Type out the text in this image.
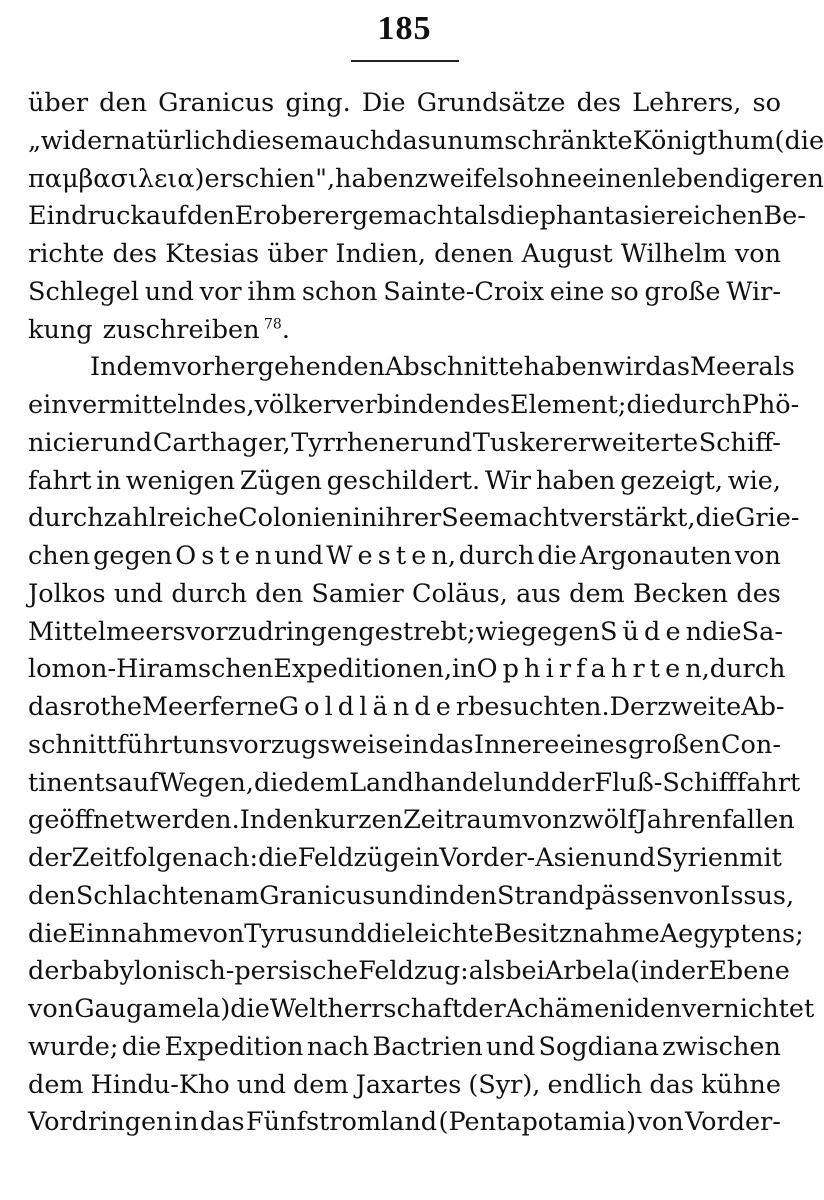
185
über den Granicus ging. Die Grundsätze des Lehrers, so
„widernatürlich diesem auch das unumschränkte Königthum (die
παμβασιλεια) erschien", haben zweifelsohne einen lebendigeren
Eindruck auf den Eroberer gemacht als die phantasiereichen Be-
richte des Ktesias über Indien, denen August Wilhelm von
Schlegel und vor ihm schon Sainte-Croix eine so große Wir-
kung zuschreiben $^{78}$.
In dem vorhergehenden Abschnitte haben wir das Meer als
ein vermittelndes, völkerverbindendes Element; die durch Phö-
nicier und Carthager, Tyrrhener und Tusker erweiterte Schiff-
fahrt in wenigen Zügen geschildert. Wir haben gezeigt, wie,
durch zahlreiche Colonien in ihrer Seemacht verstärkt, die Grie-
chen gegen O s t e n und W e s t e n, durch die Argonauten von
Jolkos und durch den Samier Coläus, aus dem Becken des
Mittelmeers vorzudringen gestrebt; wie gegen S ü d e n die Sa-
lomon-Hiramschen Expeditionen, in O p h i r f a h r t e n, durch
das rothe Meer ferne G o l d l ä n d e r besuchten. Der zweite Ab-
schnitt führt uns vorzugsweise in das Innere eines großen Con-
tinents auf Wegen, die dem Landhandel und der Fluß-Schifffahrt
geöffnet werden. In den kurzen Zeitraum von zwölf Jahren fallen
der Zeitfolge nach: die Feldzüge in Vorder-Asien und Syrien mit
den Schlachten am Granicus und in den Strandpässen von Issus,
die Einnahme von Tyrus und die leichte Besitznahme Aegyptens;
der babylonisch-persische Feldzug: als bei Arbela (in der Ebene
von Gaugamela) die Weltherrschaft der Achämeniden vernichtet
wurde; die Expedition nach Bactrien und Sogdiana zwischen
dem Hindu-Kho und dem Jaxartes (Syr), endlich das kühne
Vordringen in das Fünfstromland (Pentapotamia) von Vorder-
